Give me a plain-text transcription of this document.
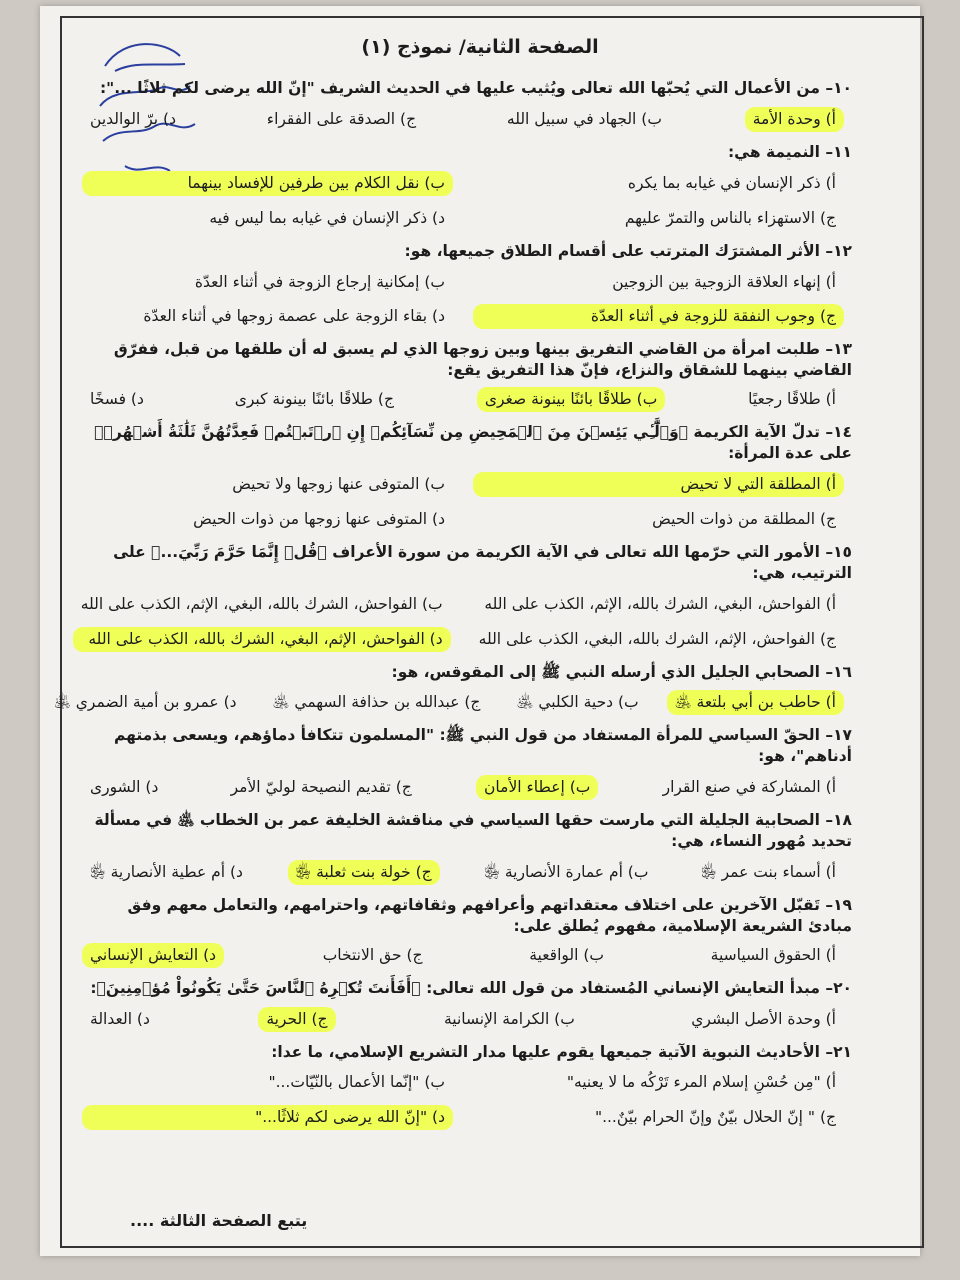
الصفحة الثانية/ نموذج (١)
١٠– من الأعمال التي يُحبّها الله تعالى ويُثيب عليها في الحديث الشريف "إنّ الله يرضى لكم ثلاثًا ...":
أ) وحدة الأمة
ب) الجهاد في سبيل الله
ج) الصدقة على الفقراء
د) برّ الوالدين
١١– النميمة هي:
أ) ذكر الإنسان في غيابه بما يكره
ب) نقل الكلام بين طرفين للإفساد بينهما
ج) الاستهزاء بالناس والتمرّ عليهم
د) ذكر الإنسان في غيابه بما ليس فيه
١٢– الأثر المشترَك المترتب على أقسام الطلاق جميعها، هو:
أ) إنهاء العلاقة الزوجية بين الزوجين
ب) إمكانية إرجاع الزوجة في أثناء العدّة
ج) وجوب النفقة للزوجة في أثناء العدّة
د) بقاء الزوجة على عصمة زوجها في أثناء العدّة
١٣– طلبت امرأة من القاضي التفريق بينها وبين زوجها الذي لم يسبق له أن طلقها من قبل، ففرّق القاضي بينهما للشقاق والنزاع، فإنّ هذا التفريق يقع:
أ) طلاقًا رجعيًا
ب) طلاقًا بائنًا بينونة صغرى
ج) طلاقًا بائنًا بينونة كبرى
د) فسخًا
١٤– تدلّ الآية الكريمة ﴿وَٱلَّٰٓـِٔي يَئِسۡنَ مِنَ ٱلۡمَحِيضِ مِن نِّسَآئِكُمۡ إِنِ ٱرۡتَبۡتُمۡ فَعِدَّتُهُنَّ ثَلَٰثَةُ أَشۡهُرٖ﴾ على عدة المرأة:
أ) المطلقة التي لا تحيض
ب) المتوفى عنها زوجها ولا تحيض
ج) المطلقة من ذوات الحيض
د) المتوفى عنها زوجها من ذوات الحيض
١٥– الأمور التي حرّمها الله تعالى في الآية الكريمة من سورة الأعراف ﴿قُلۡ إِنَّمَا حَرَّمَ رَبِّيَ...﴾ على الترتيب، هي:
أ) الفواحش، البغي، الشرك بالله، الإثم، الكذب على الله
ب) الفواحش، الشرك بالله، البغي، الإثم، الكذب على الله
ج) الفواحش، الإثم، الشرك بالله، البغي، الكذب على الله
د) الفواحش، الإثم، البغي، الشرك بالله، الكذب على الله
١٦– الصحابي الجليل الذي أرسله النبي ﷺ إلى المقوقس، هو:
أ) حاطب بن أبي بلتعة ﵁
ب) دحية الكلبي ﵁
ج) عبدالله بن حذافة السهمي ﵁
د) عمرو بن أمية الضمري ﵁
١٧– الحقّ السياسي للمرأة المستفاد من قول النبي ﷺ: "المسلمون تتكافأ دماؤهم، ويسعى بذمتهم أدناهم"، هو:
أ) المشاركة في صنع القرار
ب) إعطاء الأمان
ج) تقديم النصيحة لوليّ الأمر
د) الشورى
١٨– الصحابية الجليلة التي مارست حقها السياسي في مناقشة الخليفة عمر بن الخطاب ﵁ في مسألة تحديد مُهور النساء، هي:
أ) أسماء بنت عمر ﵂
ب) أم عمارة الأنصارية ﵂
ج) خولة بنت ثعلبة ﵂
د) أم عطية الأنصارية ﵂
١٩– تَقبّل الآخرين على اختلاف معتقداتهم وأعرافهم وثقافاتهم، واحترامهم، والتعامل معهم وفق مبادئ الشريعة الإسلامية، مفهوم يُطلق على:
أ) الحقوق السياسية
ب) الواقعية
ج) حق الانتخاب
د) التعايش الإنساني
٢٠– مبدأ التعايش الإنساني المُستفاد من قول الله تعالى: ﴿أَفَأَنتَ تُكۡرِهُ ٱلنَّاسَ حَتَّىٰ يَكُونُواْ مُؤۡمِنِينَ﴾:
أ) وحدة الأصل البشري
ب) الكرامة الإنسانية
ج) الحرية
د) العدالة
٢١– الأحاديث النبوية الآتية جميعها يقوم عليها مدار التشريع الإسلامي، ما عدا:
أ) "مِن حُسْنِ إسلام المرء تَرْكُه ما لا يعنيه"
ب) "إنّما الأعمال بالنّيّات..."
ج) " إنّ الحلال بيّنٌ وإنّ الحرام بيّنٌ..."
د) "إنّ الله يرضى لكم ثلاثًا..."
يتبع الصفحة الثالثة ....
